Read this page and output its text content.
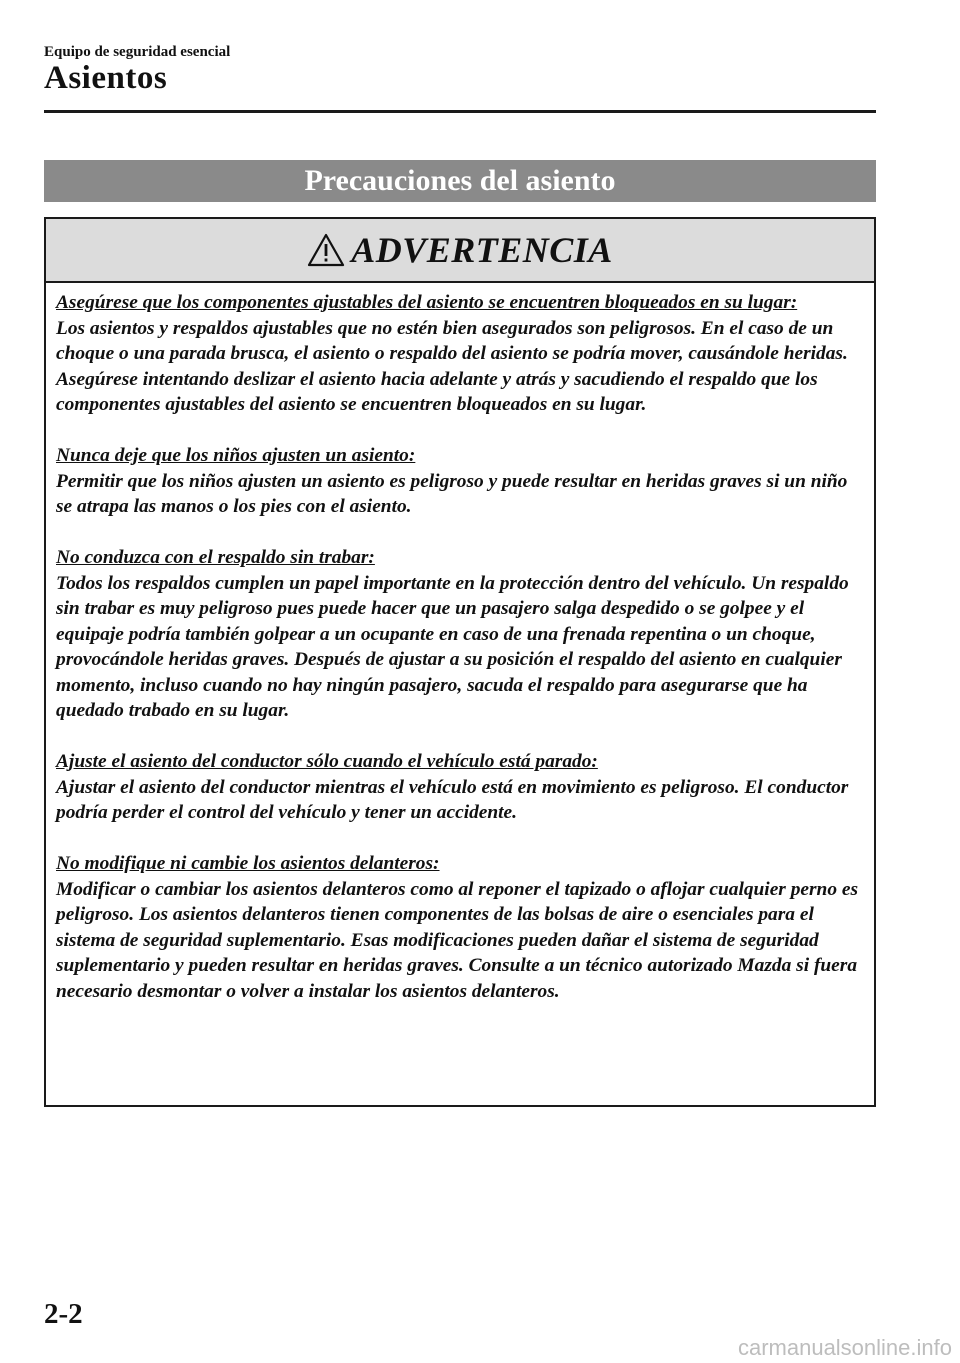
Equipo de seguridad esencial
Asientos
Precauciones del asiento
ADVERTENCIA
Asegúrese que los componentes ajustables del asiento se encuentren bloqueados en su lugar:
Los asientos y respaldos ajustables que no estén bien asegurados son peligrosos. En el caso de un choque o una parada brusca, el asiento o respaldo del asiento se podría mover, causándole heridas. Asegúrese intentando deslizar el asiento hacia adelante y atrás y sacudiendo el respaldo que los componentes ajustables del asiento se encuentren bloqueados en su lugar.
Nunca deje que los niños ajusten un asiento:
Permitir que los niños ajusten un asiento es peligroso y puede resultar en heridas graves si un niño se atrapa las manos o los pies con el asiento.
No conduzca con el respaldo sin trabar:
Todos los respaldos cumplen un papel importante en la protección dentro del vehículo. Un respaldo sin trabar es muy peligroso pues puede hacer que un pasajero salga despedido o se golpee y el equipaje podría también golpear a un ocupante en caso de una frenada repentina o un choque, provocándole heridas graves. Después de ajustar a su posición el respaldo del asiento en cualquier momento, incluso cuando no hay ningún pasajero, sacuda el respaldo para asegurarse que ha quedado trabado en su lugar.
Ajuste el asiento del conductor sólo cuando el vehículo está parado:
Ajustar el asiento del conductor mientras el vehículo está en movimiento es peligroso. El conductor podría perder el control del vehículo y tener un accidente.
No modifique ni cambie los asientos delanteros:
Modificar o cambiar los asientos delanteros como al reponer el tapizado o aflojar cualquier perno es peligroso. Los asientos delanteros tienen componentes de las bolsas de aire o esenciales para el sistema de seguridad suplementario. Esas modificaciones pueden dañar el sistema de seguridad suplementario y pueden resultar en heridas graves. Consulte a un técnico autorizado Mazda si fuera necesario desmontar o volver a instalar los asientos delanteros.
2-2
carmanualsonline.info
